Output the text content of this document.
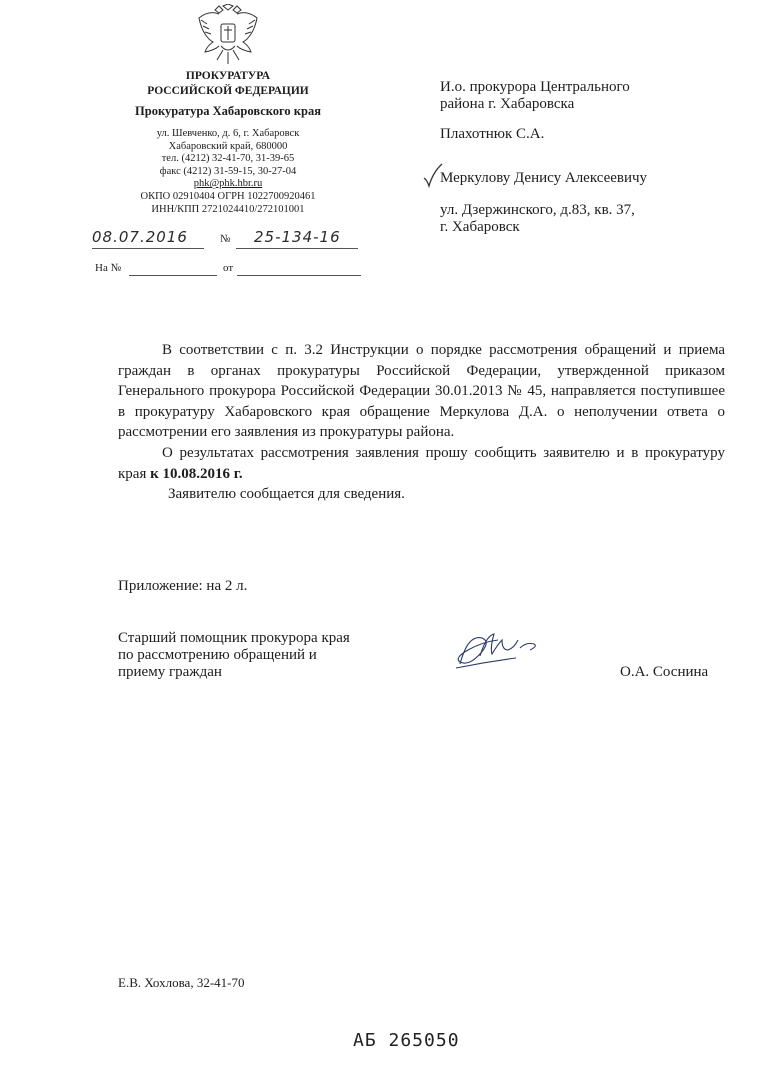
ПРОКУРАТУРА
РОССИЙСКОЙ ФЕДЕРАЦИИ
Прокуратура Хабаровского края
ул. Шевченко, д. 6, г. Хабаровск
Хабаровский край, 680000
тел. (4212) 32-41-70, 31-39-65
факс (4212) 31-59-15, 30-27-04
phk@phk.hbr.ru
ОКПО 02910404 ОГРН 1022700920461
ИНН/КПП 2721024410/272101001
08.07.2016	№ 25-134-16
На №	от
И.о. прокурора Центрального
района г. Хабаровска
Плахотнюк С.А.
Меркулову Денису Алексеевичу
ул. Дзержинского, д.83, кв. 37,
г. Хабаровск

В соответствии с п. 3.2 Инструкции о порядке рассмотрения обращений и приема граждан в органах прокуратуры Российской Федерации, утвержденной приказом Генерального прокурора Российской Федерации 30.01.2013 № 45, направляется поступившее в прокуратуру Хабаровского края обращение Меркулова Д.А. о неполучении ответа о рассмотрении его заявления из прокуратуры района.

О результатах рассмотрения заявления прошу сообщить заявителю и в прокуратуру края к 10.08.2016 г.

Заявителю сообщается для сведения.

Приложение: на 2 л.
Старший помощник прокурора края
по рассмотрению обращений и
приему граждан	О.А. Соснина
Е.В. Хохлова, 32-41-70
АБ 265050
